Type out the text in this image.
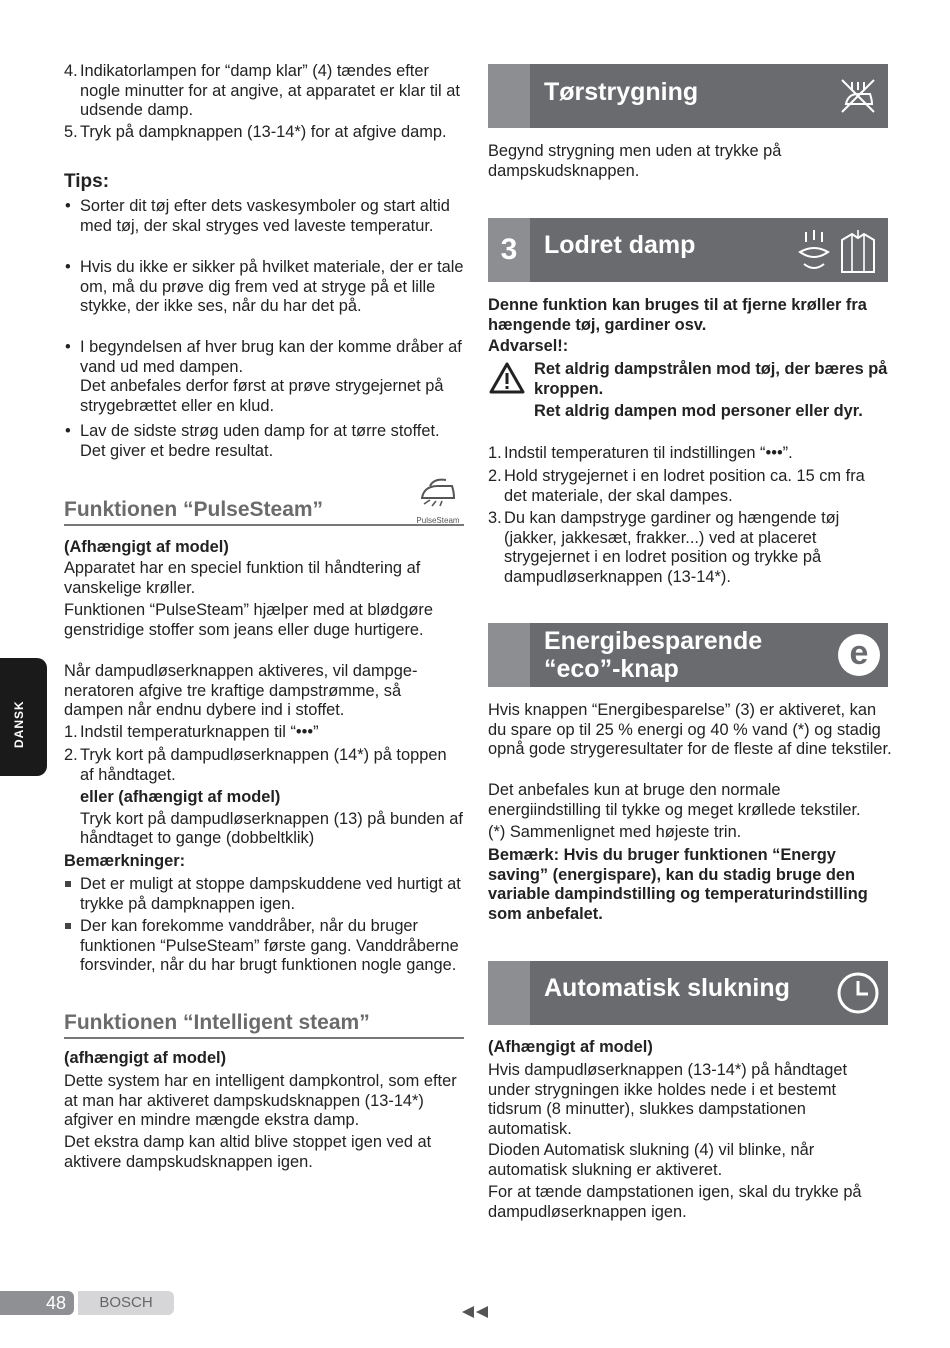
4. Indikatorlampen for “damp klar” (4) tændes efter nogle minutter for at angive, at apparatet er klar til at udsende damp.

5. Tryk på dampknappen (13-14*) for at afgive damp.

Tips:
• Sorter dit tøj efter dets vaskesymboler og start altid med tøj, der skal stryges ved laveste temperatur.

• Hvis du ikke er sikker på hvilket materiale, der er tale om, må du prøve dig frem ved at stryge på et lille stykke, der ikke ses, når du har det på.

• I begyndelsen af hver brug kan der komme dråber af vand ud med dampen.

Det anbefales derfor først at prøve strygejernet på strygebrættet eller en klud.

• Lav de sidste strøg uden damp for at tørre stoffet. Det giver et bedre resultat.

Funktionen “PulseSteam”	PulseSteam
(Afhængigt af model)
Apparatet har en speciel funktion til håndtering af vanskelige krøller.
Funktionen “PulseSteam” hjælper med at blødgøre genstridige stoffer som jeans eller duge hurtigere.
Når dampudløserknappen aktiveres, vil dampge-neratoren afgive tre kraftige dampstrømme, så dampen når endnu dybere ind i stoffet.
1. Indstil temperaturknappen til “•••”

2. Tryk kort på dampudløserknappen (14*) på toppen af håndtaget.

eller (afhængigt af model)

Tryk kort på dampudløserknappen (13) på bunden af håndtaget to gange (dobbeltklik)

Bemærkninger:

Det er muligt at stoppe dampskuddene ved hurtigt at trykke på dampknappen igen.

Der kan forekomme vanddråber, når du bruger funktionen “PulseSteam” første gang. Vanddråberne forsvinder, når du har brugt funktionen nogle gange.

Funktionen “Intelligent steam”
(afhængigt af model)
Dette system har en intelligent dampkontrol, som efter at man har aktiveret dampskudsknappen (13-14*) afgiver en mindre mængde ekstra damp.
Det ekstra damp kan altid blive stoppet igen ved at aktivere dampskudsknappen igen.
Tørstrygning
Begynd strygning men uden at trykke på dampskudsknappen.
3	Lodret damp
Denne funktion kan bruges til at fjerne krøller fra hængende tøj, gardiner osv.
Advarsel!:
Ret aldrig dampstrålen mod tøj, der bæres på kroppen.
Ret aldrig dampen mod personer eller dyr.
1. Indstil temperaturen til indstillingen “•••”.

2. Hold strygejernet i en lodret position ca. 15 cm fra det materiale, der skal dampes.

3. Du kan dampstryge gardiner og hængende tøj (jakker, jakkesæt, frakker...) ved at placeret strygejernet i en lodret position og trykke på dampudløserknappen (13-14*).

Energibesparende
“eco”-knap	e
Hvis knappen “Energibesparelse” (3) er aktiveret, kan du spare op til 25 % energi og 40 % vand (*) og stadig opnå gode strygeresultater for de fleste af dine tekstiler.
Det anbefales kun at bruge den normale energiindstilling til tykke og meget krøllede tekstiler.
(*) Sammenlignet med højeste trin.
Bemærk: Hvis du bruger funktionen “Energy saving” (energispare), kan du stadig bruge den variable dampindstilling og temperaturindstilling som anbefalet.
Automatisk slukning
(Afhængigt af model)
Hvis dampudløserknappen (13-14*) på håndtaget under strygningen ikke holdes nede i et bestemt tidsrum (8 minutter), slukkes dampstationen automatisk.
Dioden Automatisk slukning (4) vil blinke, når automatisk slukning er aktiveret.
For at tænde dampstationen igen, skal du trykke på dampudløserknappen igen.
DANSK
48	BOSCH
